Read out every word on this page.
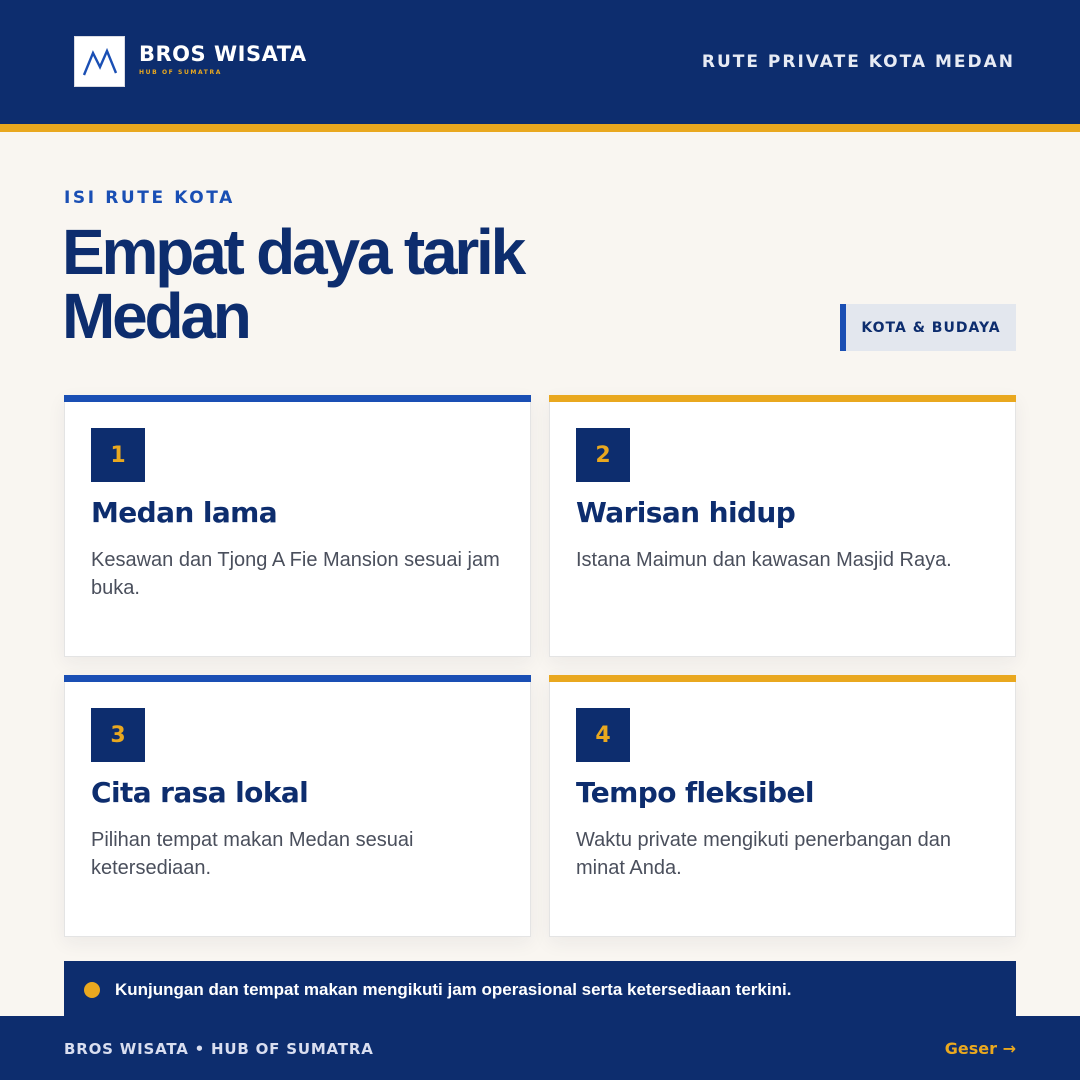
BROS WISATA
HUB OF SUMATRA
RUTE PRIVATE KOTA MEDAN
ISI RUTE KOTA
Empat daya tarik Medan	KOTA & BUDAYA
1
Medan lama
Kesawan dan Tjong A Fie Mansion sesuai jam buka.
2
Warisan hidup
Istana Maimun dan kawasan Masjid Raya.
3
Cita rasa lokal
Pilihan tempat makan Medan sesuai ketersediaan.
4
Tempo fleksibel
Waktu private mengikuti penerbangan dan minat Anda.
Kunjungan dan tempat makan mengikuti jam operasional serta ketersediaan terkini.
BROS WISATA • HUB OF SUMATRA	Geser →
